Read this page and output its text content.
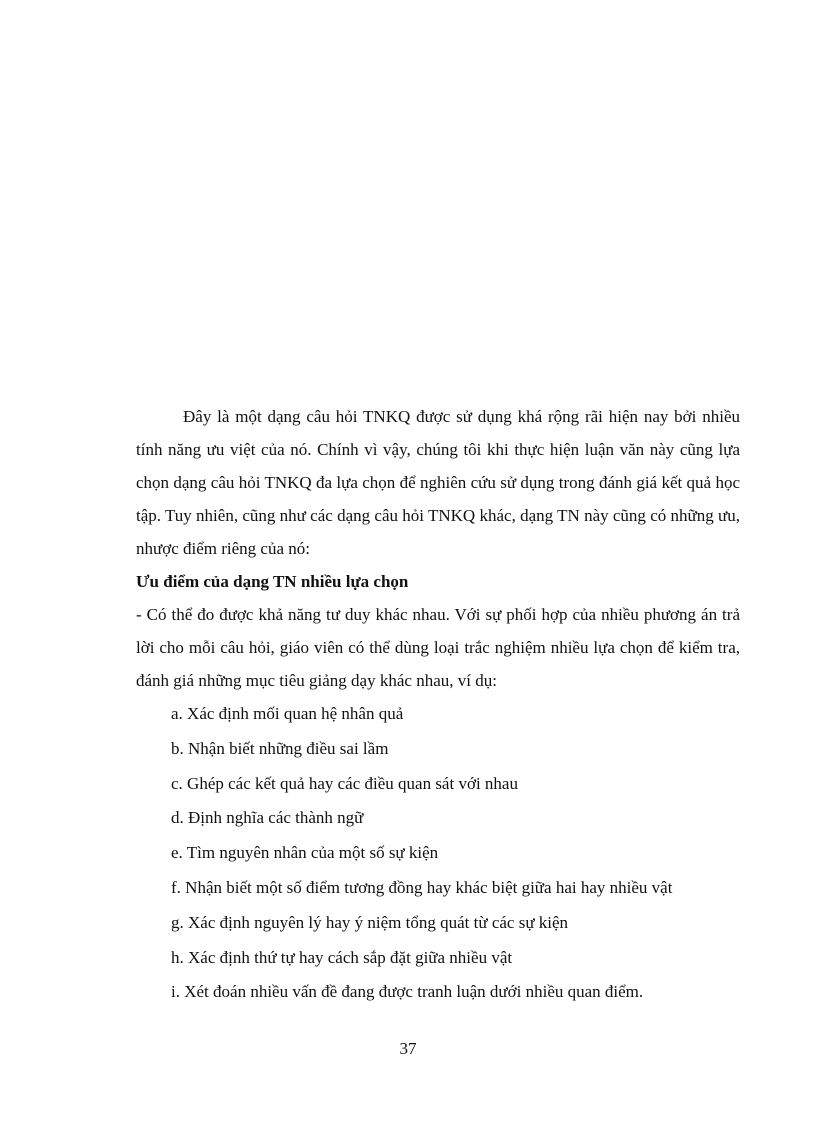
Đây là một dạng câu hỏi TNKQ được sử dụng khá rộng rãi hiện nay bởi nhiều tính năng ưu việt của nó. Chính vì vậy, chúng tôi khi thực hiện luận văn này cũng lựa chọn dạng câu hỏi TNKQ đa lựa chọn để nghiên cứu sử dụng trong đánh giá kết quả học tập. Tuy nhiên, cũng như các dạng câu hỏi TNKQ khác, dạng TN này cũng có những ưu, nhược điểm riêng của nó:

Ưu điểm của dạng TN nhiều lựa chọn

- Có thể đo được khả năng tư duy khác nhau. Với sự phối hợp của nhiều phương án trả lời cho mỗi câu hỏi, giáo viên có thể dùng loại trắc nghiệm nhiều lựa chọn để kiểm tra, đánh giá những mục tiêu giảng dạy khác nhau, ví dụ:

a. Xác định mối quan hệ nhân quả
b. Nhận biết những điều sai lầm
c. Ghép các kết quả hay các điều quan sát với nhau
d. Định nghĩa các thành ngữ
e. Tìm nguyên nhân của một số sự kiện
f. Nhận biết một số điểm tương đồng hay khác biệt giữa hai hay nhiều vật
g. Xác định nguyên lý hay ý niệm tổng quát từ các sự kiện
h. Xác định thứ tự hay cách sắp đặt giữa nhiều vật
i. Xét đoán nhiều vấn đề đang được tranh luận dưới nhiều quan điểm.
37
